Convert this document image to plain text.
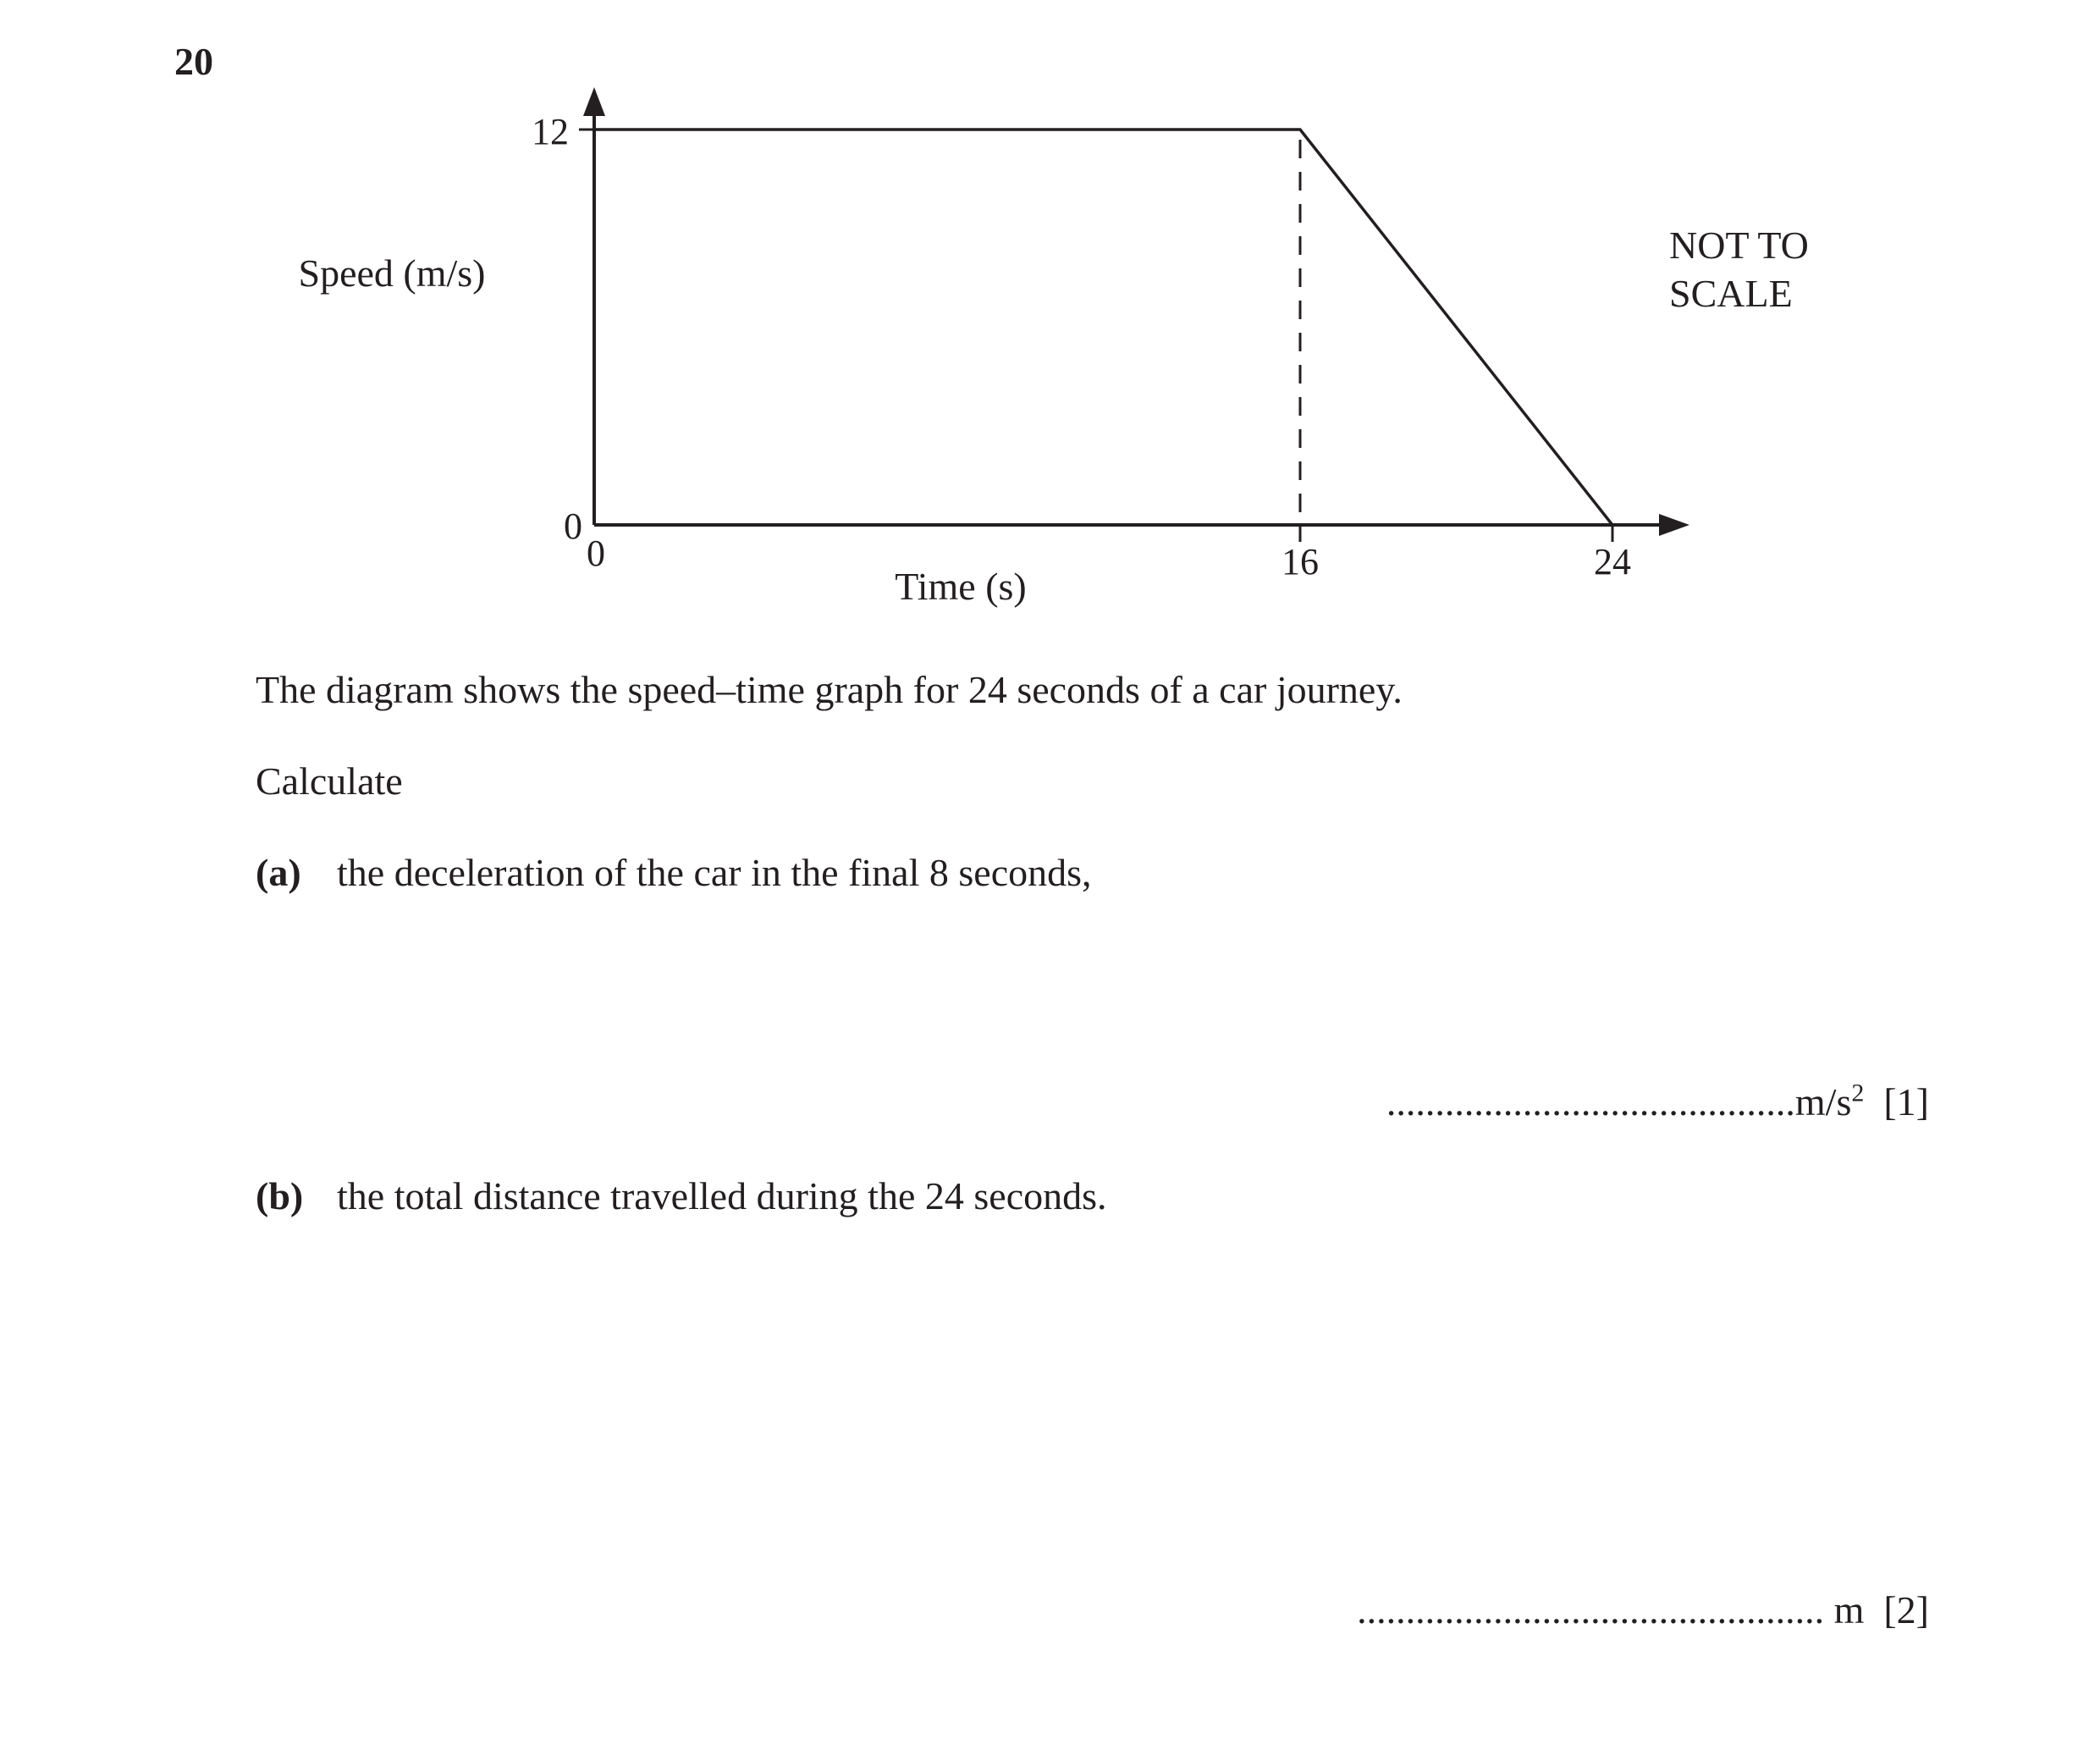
20
12
0
0	16	24
Speed (m/s)
Time (s)
NOT TO
SCALE
The diagram shows the speed–time graph for 24 seconds of a car journey.
Calculate
(a) the deceleration of the car in the final 8 seconds,
$..........................................m/s^2$ [1]
(b) the total distance travelled during the 24 seconds.
................................................ m [2]
